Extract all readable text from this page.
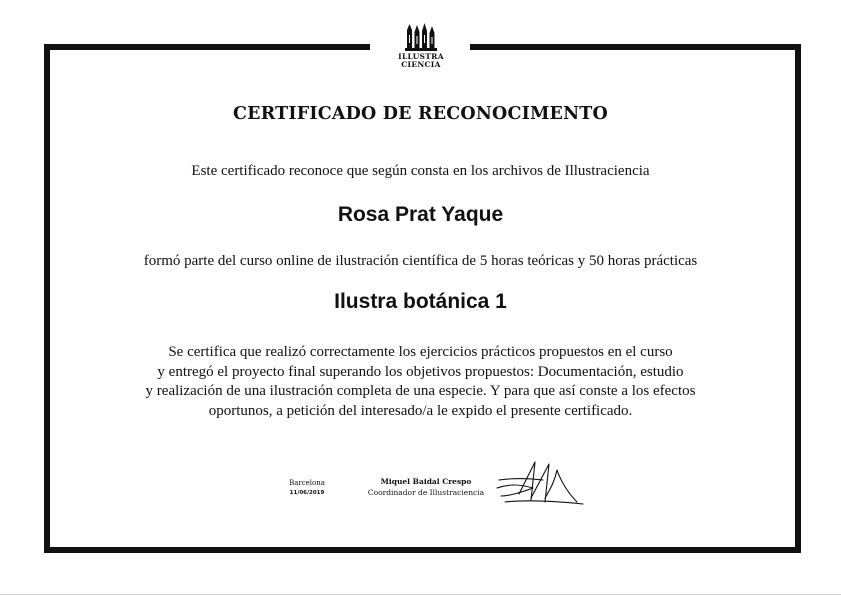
ILLUSTRA
CIENCIA
CERTIFICADO DE RECONOCIMENTO
Este certificado reconoce que según consta en los archivos de Illustraciencia
Rosa Prat Yaque
formó parte del curso online de ilustración científica de 5 horas teóricas y 50 horas prácticas
Ilustra botánica 1
Se certifica que realizó correctamente los ejercicios prácticos propuestos en el curso
y entregó el proyecto final superando los objetivos propuestos: Documentación, estudio
y realización de una ilustración completa de una especie. Y para que así conste a los efectos
oportunos, a petición del interesado/a le expido el presente certificado.
Barcelona
11/06/2019
Miquel Baidal Crespo
Coordinador de Illustraciencia
